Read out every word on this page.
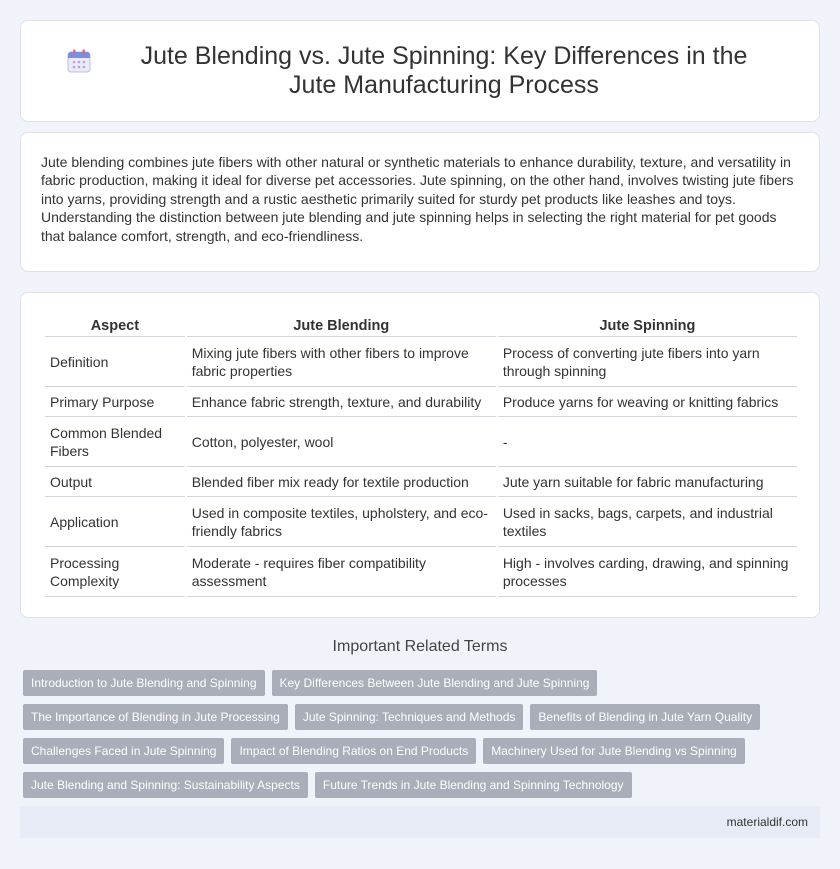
Jute Blending vs. Jute Spinning: Key Differences in the Jute Manufacturing Process

Jute blending combines jute fibers with other natural or synthetic materials to enhance durability, texture, and versatility in fabric production, making it ideal for diverse pet accessories. Jute spinning, on the other hand, involves twisting jute fibers into yarns, providing strength and a rustic aesthetic primarily suited for sturdy pet products like leashes and toys. Understanding the distinction between jute blending and jute spinning helps in selecting the right material for pet goods that balance comfort, strength, and eco-friendliness.

Aspect	Jute Blending	Jute Spinning
Definition	Mixing jute fibers with other fibers to improve fabric properties	Process of converting jute fibers into yarn through spinning
Primary Purpose	Enhance fabric strength, texture, and durability	Produce yarns for weaving or knitting fabrics
Common Blended Fibers	Cotton, polyester, wool	-
Output	Blended fiber mix ready for textile production	Jute yarn suitable for fabric manufacturing
Application	Used in composite textiles, upholstery, and eco-friendly fabrics	Used in sacks, bags, carpets, and industrial textiles
Processing Complexity	Moderate - requires fiber compatibility assessment	High - involves carding, drawing, and spinning processes
Important Related Terms
Introduction to Jute Blending and Spinning	Key Differences Between Jute Blending and Jute Spinning
The Importance of Blending in Jute Processing	Jute Spinning: Techniques and Methods	Benefits of Blending in Jute Yarn Quality
Challenges Faced in Jute Spinning	Impact of Blending Ratios on End Products	Machinery Used for Jute Blending vs Spinning
Jute Blending and Spinning: Sustainability Aspects	Future Trends in Jute Blending and Spinning Technology
materialdif.com
